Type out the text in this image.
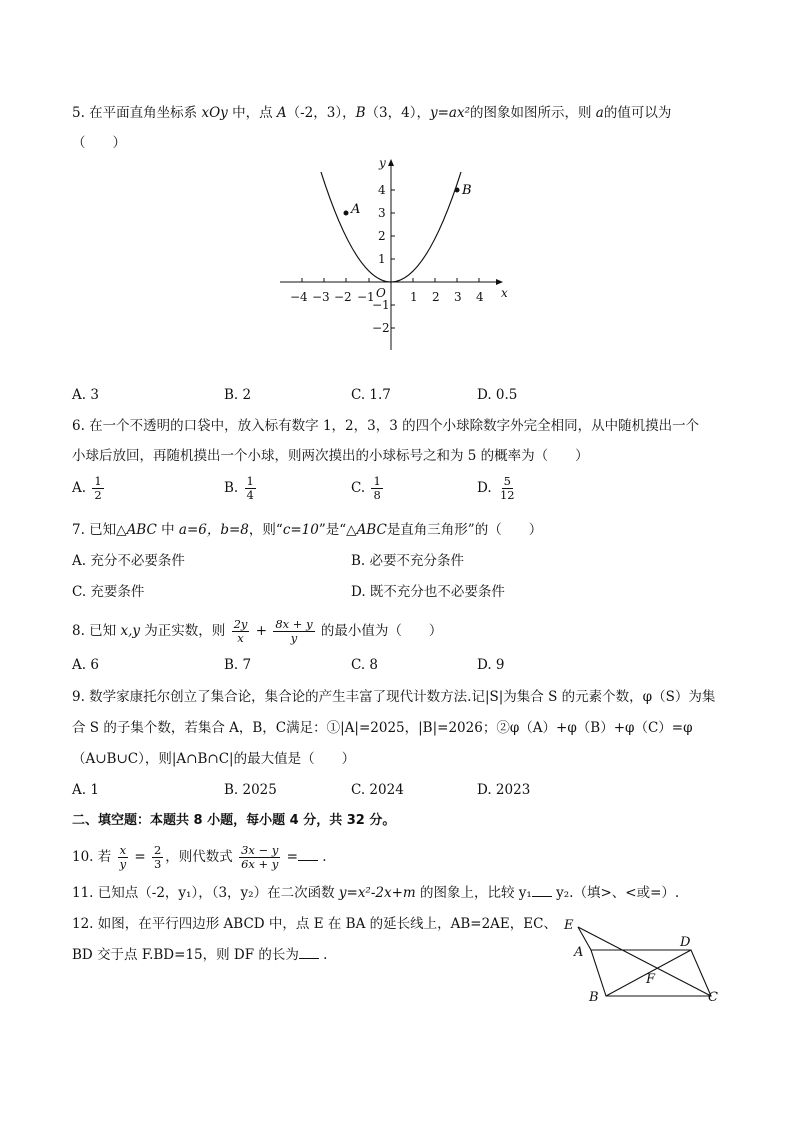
5. 在平面直角坐标系 xOy 中，点 A（-2，3），B（3，4），y=ax²的图象如图所示，则 a的值可以为
（　　）
−4 −3 −2 −1	1 2 3 4
4
3
2
1
−1
−2
O	x
y
A
B
A. 3	B. 2	C. 1.7	D. 0.5
6. 在一个不透明的口袋中，放入标有数字 1，2，3，3 的四个小球除数字外完全相同，从中随机摸出一个
小球后放回，再随机摸出一个小球，则两次摸出的小球标号之和为 5 的概率为（　　）
A. $\frac{1}{2}$	B. $\frac{1}{4}$	C. $\frac{1}{8}$	D. $\frac{5}{12}$
7. 已知△ABC 中 a=6，b=8，则“c=10”是“△ABC是直角三角形”的（　　）
A. 充分不必要条件	B. 必要不充分条件
C. 充要条件	D. 既不充分也不必要条件
8. 已知 x,y 为正实数，则 $\frac{2y}{x} + \frac{8x + y}{y}$ 的最小值为（　　）
A. 6	B. 7	C. 8	D. 9
9. 数学家康托尔创立了集合论，集合论的产生丰富了现代计数方法.记|S|为集合 S 的元素个数，φ（S）为集
合 S 的子集个数，若集合 A，B，C满足：①|A|=2025，|B|=2026；②φ（A）+φ（B）+φ（C）=φ
（A∪B∪C），则|A∩B∩C|的最大值是（　　）
A. 1	B. 2025	C. 2024	D. 2023
二、填空题：本题共 8 小题，每小题 4 分，共 32 分。
10. 若 $\frac{x}{y} = \frac{2}{3}$ ，则代数式 $\frac{3x - y}{6x + y}$ = .
11. 已知点（-2，y₁），（3，y₂）在二次函数 y=x²-2x+m 的图象上，比较 y₁ y₂.（填>、<或=）.
12. 如图，在平行四边形 ABCD 中，点 E 在 BA 的延长线上，AB=2AE，EC、
BD 交于点 F.BD=15，则 DF 的长为 .
E
A
D
F
B	C
